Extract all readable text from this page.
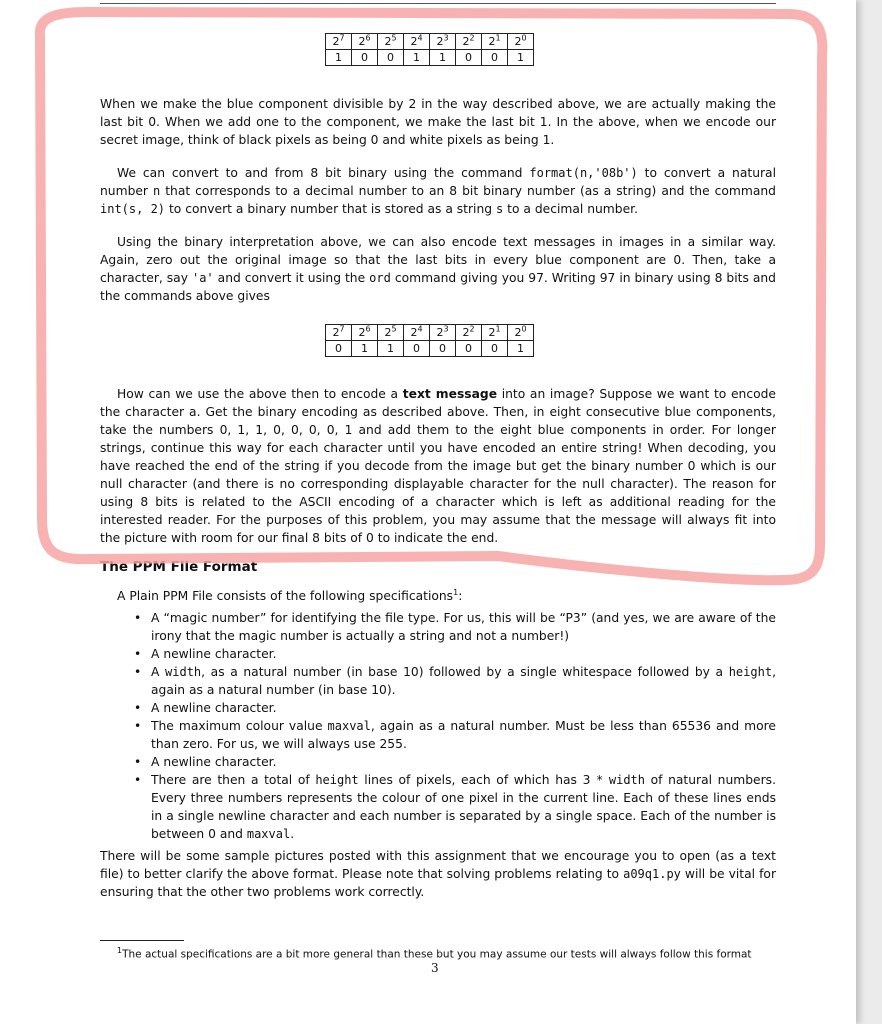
$2^7$	$2^6$	$2^5$	$2^4$	$2^3$	$2^2$	$2^1$	$2^0$
1	0	0	1	1	0	0	1

When we make the blue component divisible by 2 in the way described above, we are actually making the last bit 0. When we add one to the component, we make the last bit 1. In the above, when we encode our secret image, think of black pixels as being 0 and white pixels as being 1.

We can convert to and from 8 bit binary using the command format(n,'08b') to convert a natural number n that corresponds to a decimal number to an 8 bit binary number (as a string) and the command int(s, 2) to convert a binary number that is stored as a string s to a decimal number.

Using the binary interpretation above, we can also encode text messages in images in a similar way. Again, zero out the original image so that the last bits in every blue component are 0. Then, take a character, say 'a' and convert it using the ord command giving you 97. Writing 97 in binary using 8 bits and the commands above gives

$2^7$	$2^6$	$2^5$	$2^4$	$2^3$	$2^2$	$2^1$	$2^0$
0	1	1	0	0	0	0	1

How can we use the above then to encode a text message into an image? Suppose we want to encode the character a. Get the binary encoding as described above. Then, in eight consecutive blue components, take the numbers 0, 1, 1, 0, 0, 0, 0, 1 and add them to the eight blue components in order. For longer strings, continue this way for each character until you have encoded an entire string! When decoding, you have reached the end of the string if you decode from the image but get the binary number 0 which is our null character (and there is no corresponding displayable character for the null character). The reason for using 8 bits is related to the ASCII encoding of a character which is left as additional reading for the interested reader. For the purposes of this problem, you may assume that the message will always fit into the picture with room for our final 8 bits of 0 to indicate the end.

The PPM File Format
A Plain PPM File consists of the following specifications$^1$:
• A “magic number” for identifying the file type. For us, this will be “P3” (and yes, we are aware of the irony that the magic number is actually a string and not a number!)
• A newline character.
• A width, as a natural number (in base 10) followed by a single whitespace followed by a height, again as a natural number (in base 10).
• A newline character.
• The maximum colour value maxval, again as a natural number. Must be less than 65536 and more than zero. For us, we will always use 255.
• A newline character.
• There are then a total of height lines of pixels, each of which has 3 * width of natural numbers. Every three numbers represents the colour of one pixel in the current line. Each of these lines ends in a single newline character and each number is separated by a single space. Each of the number is between 0 and maxval.

There will be some sample pictures posted with this assignment that we encourage you to open (as a text file) to better clarify the above format. Please note that solving problems relating to a09q1.py will be vital for ensuring that the other two problems work correctly.

$^1$The actual specifications are a bit more general than these but you may assume our tests will always follow this format
3
